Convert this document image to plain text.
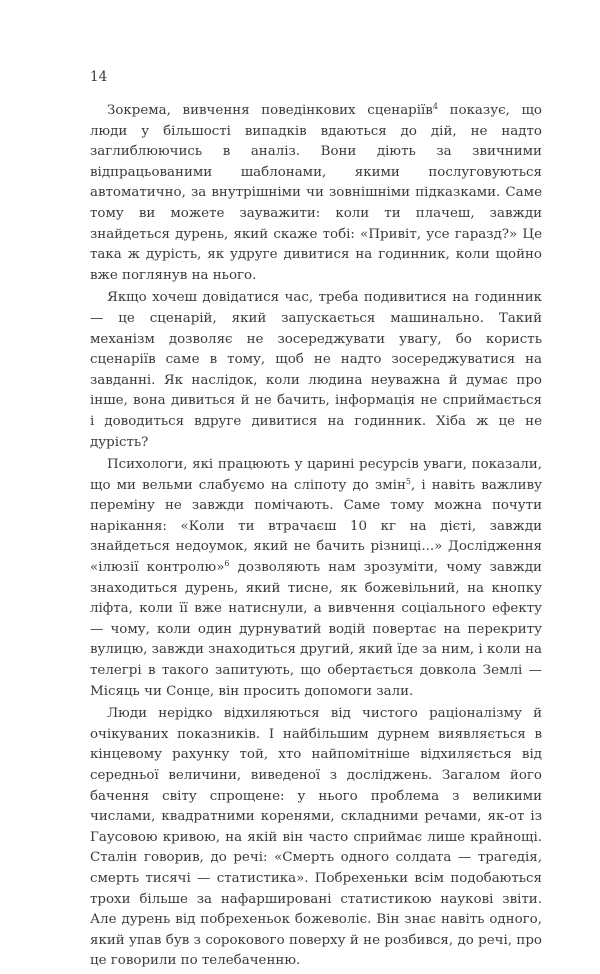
14

Зокрема, вивчення поведінкових сценаріїв$^4$ показує, що люди у більшості випадків вдаються до дій, не надто заглиблюючись в аналіз. Вони діють за звичними відпрацьованими шаблонами, якими послуговуються автоматично, за внутрішніми чи зовнішніми підказками. Саме тому ви можете зауважити: коли ти плачеш, завжди знайдеться дурень, який скаже тобі: «Привіт, усе гаразд?» Це така ж дурість, як удруге дивитися на годинник, коли щойно вже поглянув на нього.

Якщо хочеш довідатися час, треба подивитися на годинник — це сценарій, який запускається машинально. Такий механізм дозволяє не зосереджувати увагу, бо користь сценаріїв саме в тому, щоб не надто зосереджуватися на завданні. Як наслідок, коли людина неуважна й думає про інше, вона дивиться й не бачить, інформація не сприймається і доводиться вдруге дивитися на годинник. Хіба ж це не дурість?

Психологи, які працюють у царині ресурсів уваги, показали, що ми вельми слабуємо на сліпоту до змін$^5$, і навіть важливу переміну не завжди помічають. Саме тому можна почути нарікання: «Коли ти втрачаєш 10 кг на дієті, завжди знайдеться недоумок, який не бачить різниці...» Дослідження «ілюзії контролю»$^6$ дозволяють нам зрозуміти, чому завжди знаходиться дурень, який тисне, як божевільний, на кнопку ліфта, коли її вже натиснули, а вивчення соціального ефекту — чому, коли один дурнуватий водій повертає на перекриту вулицю, завжди знаходиться другий, який їде за ним, і коли на телегрі в такого запитують, що обертається довкола Землі — Місяць чи Сонце, він просить допомоги зали.

Люди нерідко відхиляються від чистого раціоналізму й очікуваних показників. І найбільшим дурнем виявляється в кінцевому рахунку той, хто найпомітніше відхиляється від середньої величини, виведеної з досліджень. Загалом його бачення світу спрощене: у нього проблема з великими числами, квадратними коренями, складними речами, як-от із Гаусовою кривою, на якій він часто сприймає лише крайнощі. Сталін говорив, до речі: «Смерть одного солдата — трагедія, смерть тисячі — статистика». Побрехеньки всім подобаються трохи більше за нафаршировані статистикою наукові звіти. Але дурень від побрехеньок божеволіє. Він знає навіть одного, який упав був з сорокового поверху й не розбився, до речі, про це говорили по телебаченню.
